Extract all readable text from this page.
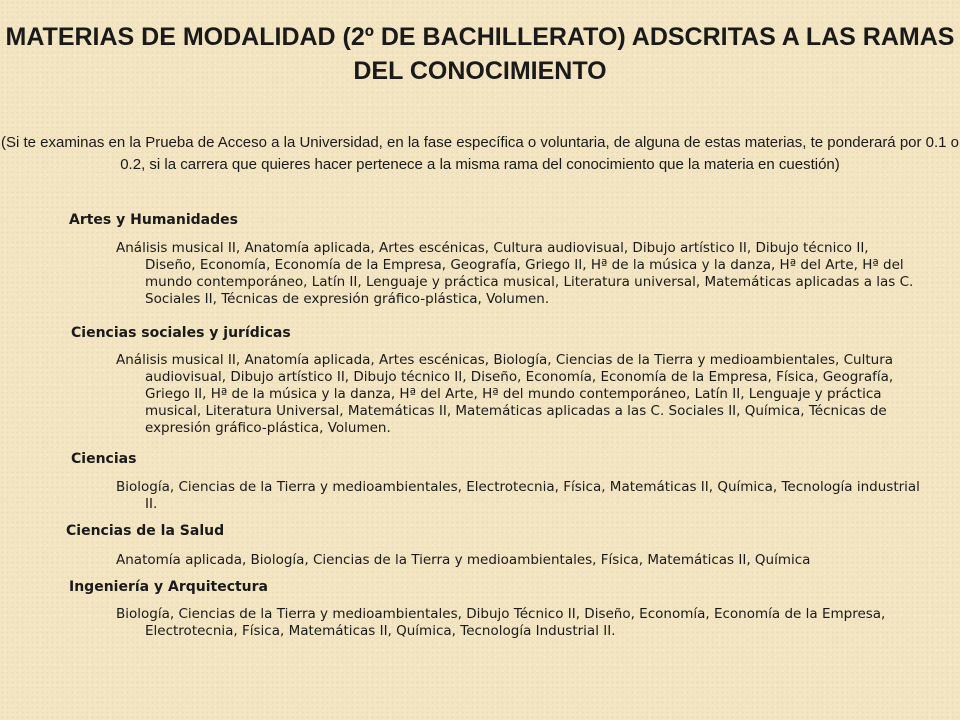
MATERIAS DE MODALIDAD (2º DE BACHILLERATO) ADSCRITAS A LAS RAMAS DEL CONOCIMIENTO
(Si te examinas en la Prueba de Acceso a la Universidad, en la fase específica o voluntaria, de alguna de estas materias, te ponderará por 0.1 o 0.2, si la carrera que quieres hacer pertenece a la misma rama del conocimiento que la materia en cuestión)
Artes y Humanidades
Análisis musical II, Anatomía aplicada, Artes escénicas, Cultura audiovisual, Dibujo artístico II, Dibujo técnico II, Diseño, Economía, Economía de la Empresa, Geografía, Griego II, Hª de la música y la danza, Hª del Arte, Hª del mundo contemporáneo, Latín II, Lenguaje y práctica musical, Literatura universal, Matemáticas aplicadas a las C. Sociales II, Técnicas de expresión gráfico-plástica, Volumen.
Ciencias sociales y jurídicas
Análisis musical II, Anatomía aplicada, Artes escénicas, Biología, Ciencias de la Tierra y medioambientales, Cultura audiovisual, Dibujo artístico II, Dibujo técnico II, Diseño, Economía, Economía de la Empresa, Física, Geografía, Griego II, Hª de la música y la danza, Hª del Arte, Hª del mundo contemporáneo, Latín II, Lenguaje y práctica musical, Literatura Universal, Matemáticas II, Matemáticas aplicadas a las C. Sociales II, Química, Técnicas de expresión gráfico-plástica, Volumen.
Ciencias
Biología, Ciencias de la Tierra y medioambientales, Electrotecnia, Física, Matemáticas II, Química, Tecnología industrial II.
Ciencias de la Salud
Anatomía aplicada, Biología, Ciencias de la Tierra y medioambientales, Física, Matemáticas II, Química
Ingeniería y Arquitectura
Biología, Ciencias de la Tierra y medioambientales, Dibujo Técnico II, Diseño, Economía, Economía de la Empresa, Electrotecnia, Física, Matemáticas II, Química, Tecnología Industrial II.
